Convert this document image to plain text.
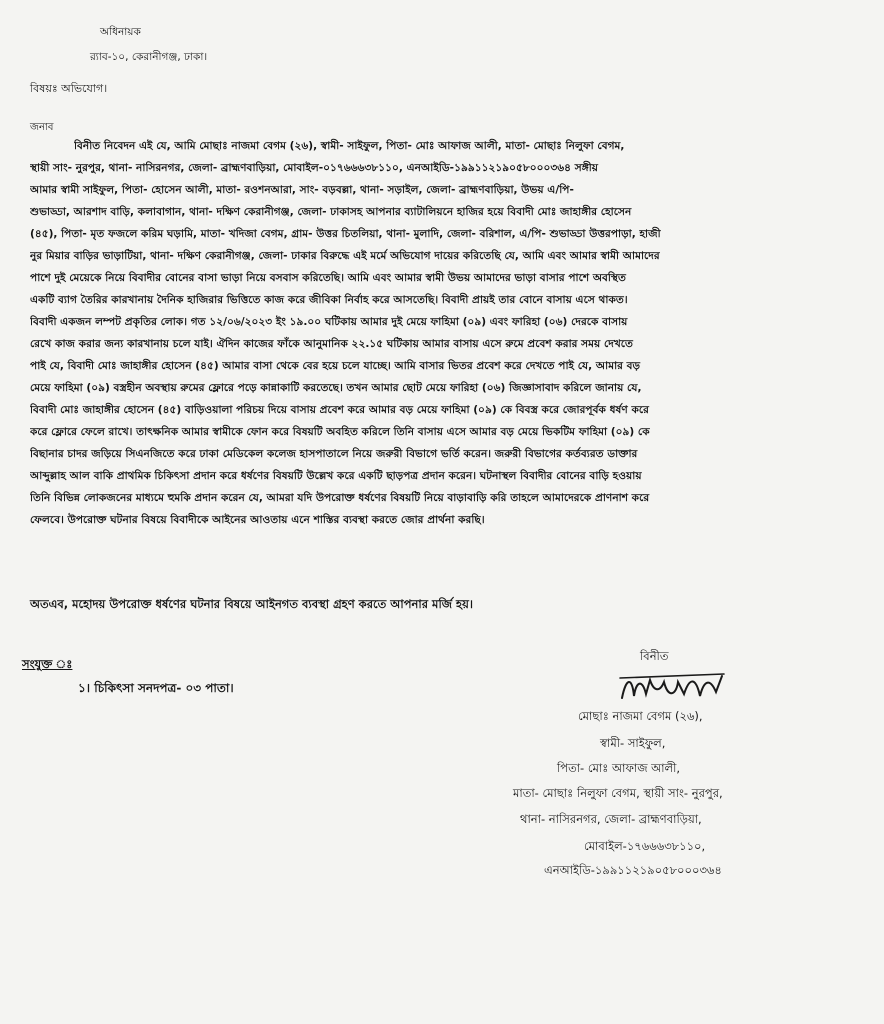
অধিনায়ক
র‍্যাব-১০, কেরানীগঞ্জ, ঢাকা।
বিষয়ঃ অভিযোগ।
জনাব
বিনীত নিবেদন এই যে, আমি মোছাঃ নাজমা বেগম (২৬), স্বামী- সাইফুল, পিতা- মোঃ আফাজ আলী, মাতা- মোছাঃ নিলুফা বেগম,
স্থায়ী সাং- নুরপুর, থানা- নাসিরনগর, জেলা- ব্রাহ্মণবাড়িয়া, মোবাইল-০১৭৬৬৬৩৮১১০, এনআইডি-১৯৯১১২১৯০৫৮০০০৩৬৪ সঙ্গীয়
আমার স্বামী সাইফুল, পিতা- হোসেন আলী, মাতা- রওশনআরা, সাং- বড়বল্লা, থানা- সড়াইল, জেলা- ব্রাহ্মণবাড়িয়া, উভয় এ/পি-
শুভাড্ডা, আরশাদ বাড়ি, কলাবাগান, থানা- দক্ষিণ কেরানীগঞ্জ, জেলা- ঢাকাসহ আপনার ব্যাটালিয়নে হাজির হয়ে বিবাদী মোঃ জাহাঙ্গীর হোসেন
(৪৫), পিতা- মৃত ফজলে করিম ঘড়ামি, মাতা- খদিজা বেগম, গ্রাম- উত্তর চিতলিয়া, থানা- মুলাদি, জেলা- বরিশাল, এ/পি- শুভাড্ডা উত্তরপাড়া, হাজী
নুর মিয়ার বাড়ির ভাড়াটিয়া, থানা- দক্ষিণ কেরানীগঞ্জ, জেলা- ঢাকার বিরুদ্ধে এই মর্মে অভিযোগ দায়ের করিতেছি যে, আমি এবং আমার স্বামী আমাদের
পাশে দুই মেয়েকে নিয়ে বিবাদীর বোনের বাসা ভাড়া নিয়ে বসবাস করিতেছি। আমি এবং আমার স্বামী উভয় আমাদের ভাড়া বাসার পাশে অবস্থিত
একটি ব্যাগ তৈরির কারখানায় দৈনিক হাজিরার ভিত্তিতে কাজ করে জীবিকা নির্বাহ করে আসতেছি। বিবাদী প্রায়ই তার বোনে বাসায় এসে থাকত।
বিবাদী একজন লম্পট প্রকৃতির লোক। গত ১২/০৬/২০২৩ ইং ১৯.০০ ঘটিকায় আমার দুই মেয়ে ফাহিমা (০৯) এবং ফারিহা (০৬) দেরকে বাসায়
রেখে কাজ করার জন্য কারখানায় চলে যাই। ঐদিন কাজের ফাঁকে আনুমানিক ২২.১৫ ঘটিকায় আমার বাসায় এসে রুমে প্রবেশ করার সময় দেখতে
পাই যে, বিবাদী মোঃ জাহাঙ্গীর হোসেন (৪৫) আমার বাসা থেকে বের হয়ে চলে যাচ্ছে। আমি বাসার ভিতর প্রবেশ করে দেখতে পাই যে, আমার বড়
মেয়ে ফাহিমা (০৯) বস্ত্রহীন অবস্থায় রুমের ফ্লোরে পড়ে কান্নাকাটি করতেছে। তখন আমার ছোট মেয়ে ফারিহা (০৬) জিজ্ঞাসাবাদ করিলে জানায় যে,
বিবাদী মোঃ জাহাঙ্গীর হোসেন (৪৫) বাড়িওয়ালা পরিচয় দিয়ে বাসায় প্রবেশ করে আমার বড় মেয়ে ফাহিমা (০৯) কে বিবস্ত্র করে জোরপূর্বক ধর্ষণ করে
করে ফ্লোরে ফেলে রাখে। তাৎক্ষনিক আমার স্বামীকে ফোন করে বিষয়টি অবহিত করিলে তিনি বাসায় এসে আমার বড় মেয়ে ভিকটিম ফাহিমা (০৯) কে
বিছানার চাদর জড়িয়ে সিএনজিতে করে ঢাকা মেডিকেল কলেজ হাসপাতালে নিয়ে জরুরী বিভাগে ভর্তি করেন। জরুরী বিভাগের কর্তব্যরত ডাক্তার
আব্দুল্লাহ আল বাকি প্রাথমিক চিকিৎসা প্রদান করে ধর্ষণের বিষয়টি উল্লেখ করে একটি ছাড়পত্র প্রদান করেন। ঘটনাস্থল বিবাদীর বোনের বাড়ি হওয়ায়
তিনি বিভিন্ন লোকজনের মাধ্যমে হুমকি প্রদান করেন যে, আমরা যদি উপরোক্ত ধর্ষণের বিষয়টি নিয়ে বাড়াবাড়ি করি তাহলে আমাদেরকে প্রাণনাশ করে
ফেলবে। উপরোক্ত ঘটনার বিষয়ে বিবাদীকে আইনের আওতায় এনে শাস্তির ব্যবস্থা করতে জোর প্রার্থনা করছি।
অতএব, মহোদয় উপরোক্ত ধর্ষণের ঘটনার বিষয়ে আইনগত ব্যবস্থা গ্রহণ করতে আপনার মর্জি হয়।
সংযুক্ত ঃ
১। চিকিৎসা সনদপত্র- ০৩ পাতা।
বিনীত
মোছাঃ নাজমা বেগম (২৬),
স্বামী- সাইফুল,
পিতা- মোঃ আফাজ আলী,
মাতা- মোছাঃ নিলুফা বেগম, স্থায়ী সাং- নুরপুর,
থানা- নাসিরনগর, জেলা- ব্রাহ্মণবাড়িয়া,
মোবাইল-১৭৬৬৬৩৮১১০,
এনআইডি-১৯৯১১২১৯০৫৮০০০৩৬৪
